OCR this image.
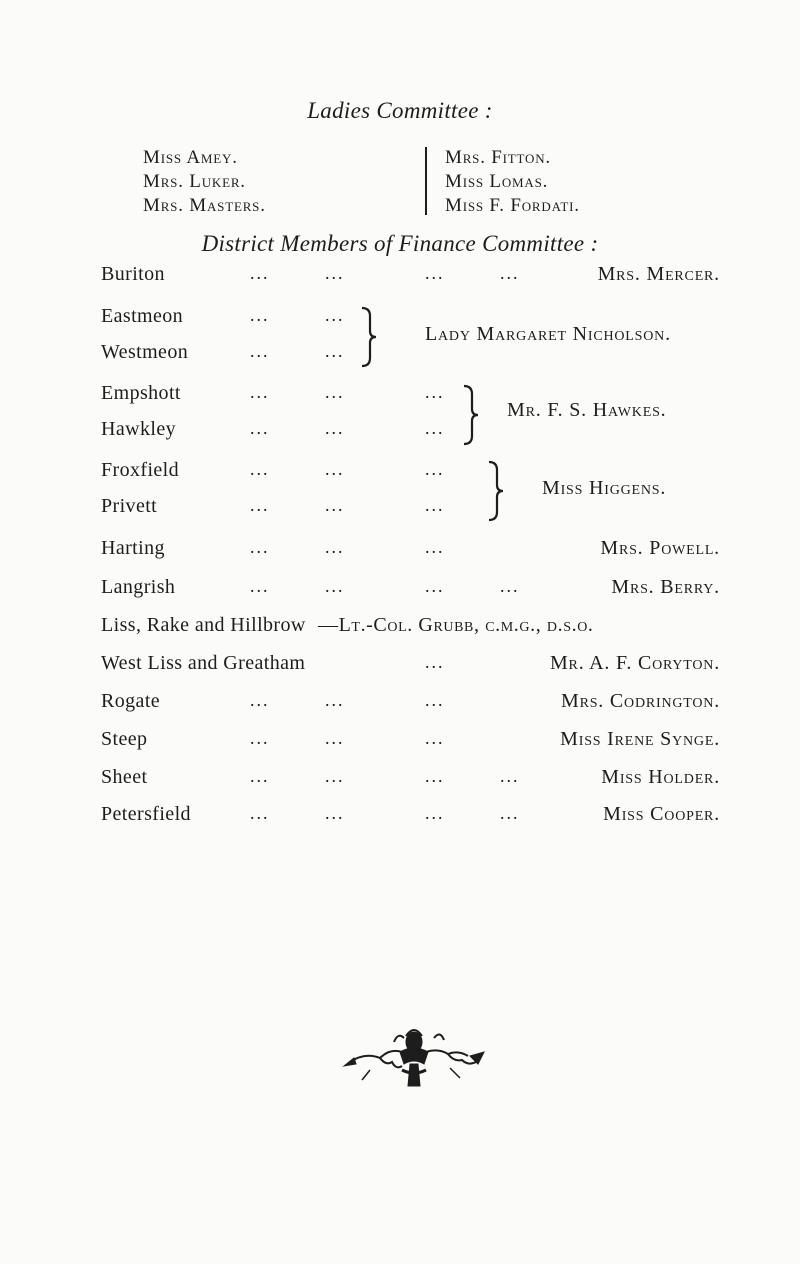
Ladies Committee :
Miss Amey.
Mrs. Luker.
Mrs. Masters.
Mrs. Fitton.
Miss Lomas.
Miss F. Fordati.
District Members of Finance Committee :
Buriton	...	...	...	...	Mrs. Mercer.
Eastmeon	...	...
Westmeon	...	...
Lady Margaret Nicholson.
Empshott	...	...	...
Hawkley	...	...	...
Mr. F. S. Hawkes.
Froxfield	...	...	...
Privett	...	...	...
Miss Higgens.
Harting	...	...	...	Mrs. Powell.
Langrish	...	...	...	...	Mrs. Berry.
Liss, Rake and Hillbrow —Lt.-Col. Grubb, c.m.g., d.s.o.
West Liss and Greatham	...	Mr. A. F. Coryton.
Rogate	...	...	...	Mrs. Codrington.
Steep	...	...	...	Miss Irene Synge.
Sheet	...	...	...	...	Miss Holder.
Petersfield	...	...	...	...	Miss Cooper.
